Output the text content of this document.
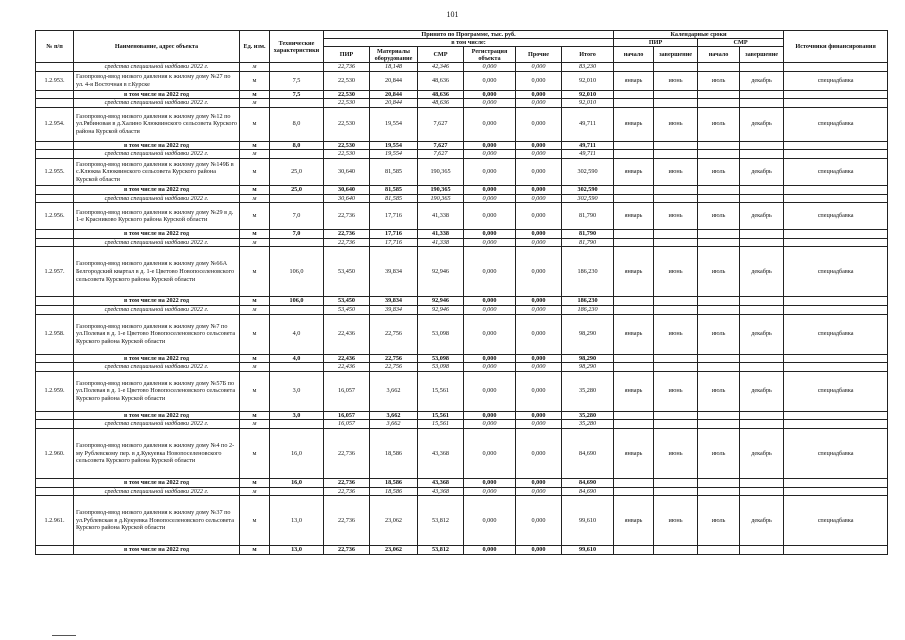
101
№ п/п	Наименование, адрес объекта	Ед. изм.	Технические характеристики	Принято по Программе, тыс. руб.						Календарные сроки				Источники финансирования
				в том числе:						ПИР		СМР		
				ПИР	Материалы оборудование	СМР	Регистрация объекта	Прочие	Итого	начало	завершение	начало	завершение	
	средства специальной надбавки 2022 г.	м		22,736	18,148	42,346	0,000	0,000	83,230					
1.2.953.	Газопровод-ввод низкого давления к жилому дому №27 по ул. 4-я Восточная в г.Курске	м	7,5	22,530	20,844	48,636	0,000	0,000	92,010	январь	июнь	июль	декабрь	спецнадбавка
	в том числе на 2022 год	м	7,5	22,530	20,844	48,636	0,000	0,000	92,010					
	средства специальной надбавки 2022 г.	м		22,530	20,844	48,636	0,000	0,000	92,010					
1.2.954.	Газопровод-ввод низкого давления к жилому дому №12 по ул.Рябиновая в д.Халино Клюквинского сельсовета Курского района Курской области	м	8,0	22,530	19,554	7,627	0,000	0,000	49,711	январь	июнь	июль	декабрь	спецнадбавка
	в том числе на 2022 год	м	8,0	22,530	19,554	7,627	0,000	0,000	49,711					
	средства специальной надбавки 2022 г.	м		22,530	19,554	7,627	0,000	0,000	49,711					
1.2.955.	Газопровод-ввод низкого давления к жилому дому №149Б в с.Клюква Клюквинского сельсовета Курского района Курской области	м	25,0	30,640	81,585	190,365	0,000	0,000	302,590	январь	июнь	июль	декабрь	спецнадбавка
	в том числе на 2022 год	м	25,0	30,640	81,585	190,365	0,000	0,000	302,590					
	средства специальной надбавки 2022 г.	м		30,640	81,585	190,365	0,000	0,000	302,590					
1.2.956.	Газопровод-ввод низкого давления к жилому дому №29 в д. 1-е Красниково Курского района Курской области	м	7,0	22,736	17,716	41,338	0,000	0,000	81,790	январь	июнь	июль	декабрь	спецнадбавка
	в том числе на 2022 год	м	7,0	22,736	17,716	41,338	0,000	0,000	81,790					
	средства специальной надбавки 2022 г.	м		22,736	17,716	41,338	0,000	0,000	81,790					
1.2.957.	Газопровод-ввод низкого давления к жилому дому №66А Белгородский квартал в д. 1-е Цветово Новопоселеновского сельсовета Курского района Курской области	м	106,0	53,450	39,834	92,946	0,000	0,000	186,230	январь	июнь	июль	декабрь	спецнадбавка
	в том числе на 2022 год	м	106,0	53,450	39,834	92,946	0,000	0,000	186,230					
	средства специальной надбавки 2022 г.	м		53,450	39,834	92,946	0,000	0,000	186,230					
1.2.958.	Газопровод-ввод низкого давления к жилому дому №7 по ул.Полевая в д. 1-е Цветово Новопоселеновского сельсовета Курского района Курской области	м	4,0	22,436	22,756	53,098	0,000	0,000	98,290	январь	июнь	июль	декабрь	спецнадбавка
	в том числе на 2022 год	м	4,0	22,436	22,756	53,098	0,000	0,000	98,290					
	средства специальной надбавки 2022 г.	м		22,436	22,756	53,098	0,000	0,000	98,290					
1.2.959.	Газопровод-ввод низкого давления к жилому дому №57Б по ул.Полевая в д. 1-е Цветово Новопоселеновского сельсовета Курского района Курской области	м	3,0	16,057	3,662	15,561	0,000	0,000	35,280	январь	июнь	июль	декабрь	спецнадбавка
	в том числе на 2022 год	м	3,0	16,057	3,662	15,561	0,000	0,000	35,280					
	средства специальной надбавки 2022 г.	м		16,057	3,662	15,561	0,000	0,000	35,280					
1.2.960.	Газопровод-ввод низкого давления к жилому дому №4 по 2-му Рублевскому пер. в д.Кукуевка Новопоселеновского сельсовета Курского района Курской области	м	16,0	22,736	18,586	43,368	0,000	0,000	84,690	январь	июнь	июль	декабрь	спецнадбавка
	в том числе на 2022 год	м	16,0	22,736	18,586	43,368	0,000	0,000	84,690					
	средства специальной надбавки 2022 г.	м		22,736	18,586	43,368	0,000	0,000	84,690					
1.2.961.	Газопровод-ввод низкого давления к жилому дому №37 по ул.Рублевская в д.Кукуевка Новопоселеновского сельсовета Курского района Курской области	м	13,0	22,736	23,062	53,812	0,000	0,000	99,610	январь	июнь	июль	декабрь	спецнадбавка
	в том числе на 2022 год	м	13,0	22,736	23,062	53,812	0,000	0,000	99,610					
